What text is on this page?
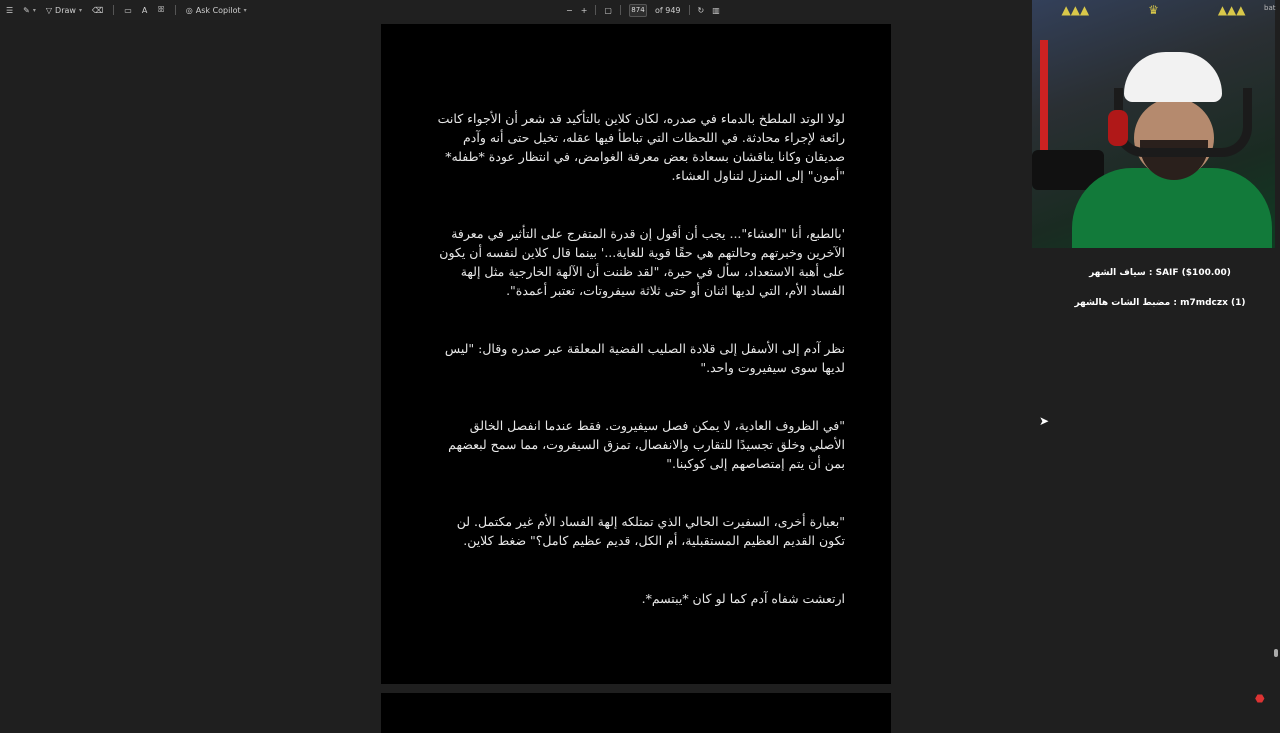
☰ ✎ ▾ ▽ Draw ▾ ⌫	▭ A ꕥ	◎ Ask Copilot ▾	− + ▢	874 of 949 ↻ ▥
لولا الوتد الملطخ بالدماء في صدره، لكان كلاين بالتأكيد قد شعر أن الأجواء كانت رائعة لإجراء محادثة. في اللحظات التي تباطأ فيها عقله، تخيل حتى أنه وآدم صديقان وكانا يناقشان بسعادة بعض معرفة الغوامض، في انتظار عودة *طفله* "أمون" إلى المنزل لتناول العشاء.
'بالطبع، أنا "العشاء"... يجب أن أقول إن قدرة المتفرج على التأثير في معرفة الآخرين وخبرتهم وحالتهم هي حقًا قوية للغاية...' بينما قال كلاين لنفسه أن يكون على أهبة الاستعداد، سأل في حيرة، "لقد ظننت أن الآلهة الخارجية مثل إلهة الفساد الأم، التي لديها اثنان أو حتى ثلاثة سيفروتات، تعتبر أعمدة".
نظر آدم إلى الأسفل إلى قلادة الصليب الفضية المعلقة عبر صدره وقال: "ليس لديها سوى سيفيروت واحد."
"في الظروف العادية، لا يمكن فصل سيفيروت. فقط عندما انفصل الخالق الأصلي وخلق تجسيدًا للتقارب والانفصال، تمزق السيفروت، مما سمح لبعضهم بمن أن يتم إمتصاصهم إلى كوكبنا."
"بعبارة أخرى، السفيرت الحالي الذي تمتلكه إلهة الفساد الأم غير مكتمل. لن تكون القديم العظيم المستقبلية، أم الكل، قديم عظيم كامل؟" ضغط كلاين.
ارتعشت شفاه آدم كما لو كان *يبتسم*.
▲▲▲	♛	▲▲▲	bat
سياف الشهر : SAIF ($100.00)
مضبط الشات هالشهر : m7mdczx (1)
➤
⬣
